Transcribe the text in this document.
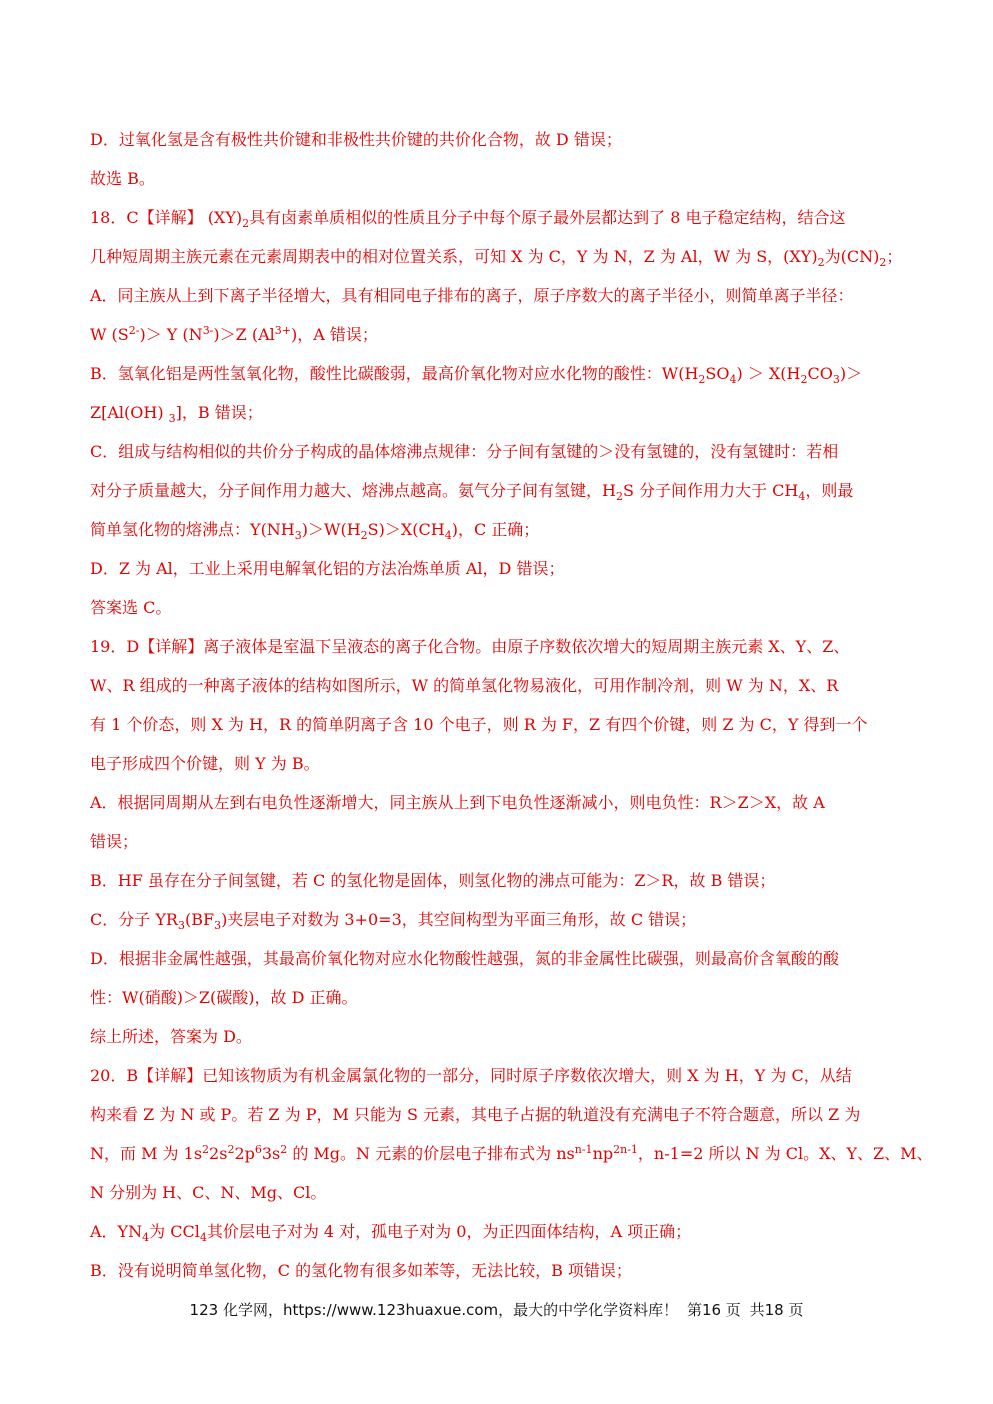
D．过氧化氢是含有极性共价键和非极性共价键的共价化合物，故 D 错误；
故选 B。
18．C【详解】 $(XY)_2$具有卤素单质相似的性质且分子中每个原子最外层都达到了 8 电子稳定结构，结合这
几种短周期主族元素在元素周期表中的相对位置关系，可知 X 为 C，Y 为 N，Z 为 Al，W 为 S，$(XY)_2$为$(CN)_2$；
A．同主族从上到下离子半径增大，具有相同电子排布的离子，原子序数大的离子半径小，则简单离子半径：
W $(S^{2-})> Y$ $(N^{3-})>Z$ $(Al^{3+})$，A 错误；
B．氢氧化铝是两性氢氧化物，酸性比碳酸弱，最高价氧化物对应水化物的酸性：$W(H_2SO_4) > X(H_2CO_3)>$
Z[Al(OH) $_3$]，B 错误；
C．组成与结构相似的共价分子构成的晶体熔沸点规律：分子间有氢键的＞没有氢键的，没有氢键时：若相
对分子质量越大，分子间作用力越大、熔沸点越高。氨气分子间有氢键，$H_2S$ 分子间作用力大于 $CH_4$，则最
简单氢化物的熔沸点：$Y(NH_3)>W(H_2S)>X(CH_4)$，C 正确；
D．Z 为 Al，工业上采用电解氧化铝的方法冶炼单质 Al，D 错误；
答案选 C。
19．D【详解】离子液体是室温下呈液态的离子化合物。由原子序数依次增大的短周期主族元素 X、Y、Z、
W、R 组成的一种离子液体的结构如图所示，W 的简单氢化物易液化，可用作制冷剂，则 W 为 N，X、R
有 1 个价态，则 X 为 H，R 的简单阴离子含 10 个电子，则 R 为 F，Z 有四个价键，则 Z 为 C，Y 得到一个
电子形成四个价键，则 Y 为 B。
A．根据同周期从左到右电负性逐渐增大，同主族从上到下电负性逐渐减小，则电负性：R＞Z＞X，故 A
错误；
B．HF 虽存在分子间氢键，若 C 的氢化物是固体，则氢化物的沸点可能为：Z＞R，故 B 错误；
C．分子 $YR_3(BF_3)$夹层电子对数为 3+0=3，其空间构型为平面三角形，故 C 错误；
D．根据非金属性越强，其最高价氧化物对应水化物酸性越强，氮的非金属性比碳强，则最高价含氧酸的酸
性：W(硝酸)＞Z(碳酸)，故 D 正确。
综上所述，答案为 D。
20．B【详解】已知该物质为有机金属氯化物的一部分，同时原子序数依次增大，则 X 为 H，Y 为 C，从结
构来看 Z 为 N 或 P。若 Z 为 P，M 只能为 S 元素，其电子占据的轨道没有充满电子不符合题意，所以 Z 为
N，而 M 为 $1s^22s^22p^63s^2$ 的 Mg。N 元素的价层电子排布式为 $ns^{n-1}np^{2n-1}$，n-1=2 所以 N 为 Cl。X、Y、Z、M、
N 分别为 H、C、N、Mg、Cl。
A．$YN_4$为 CCl$_4$其价层电子对为 4 对，孤电子对为 0，为正四面体结构，A 项正确；
B．没有说明简单氢化物，C 的氢化物有很多如苯等，无法比较，B 项错误；
123 化学网，https://www.123huaxue.com，最大的中学化学资料库！ 第16 页 共18 页
